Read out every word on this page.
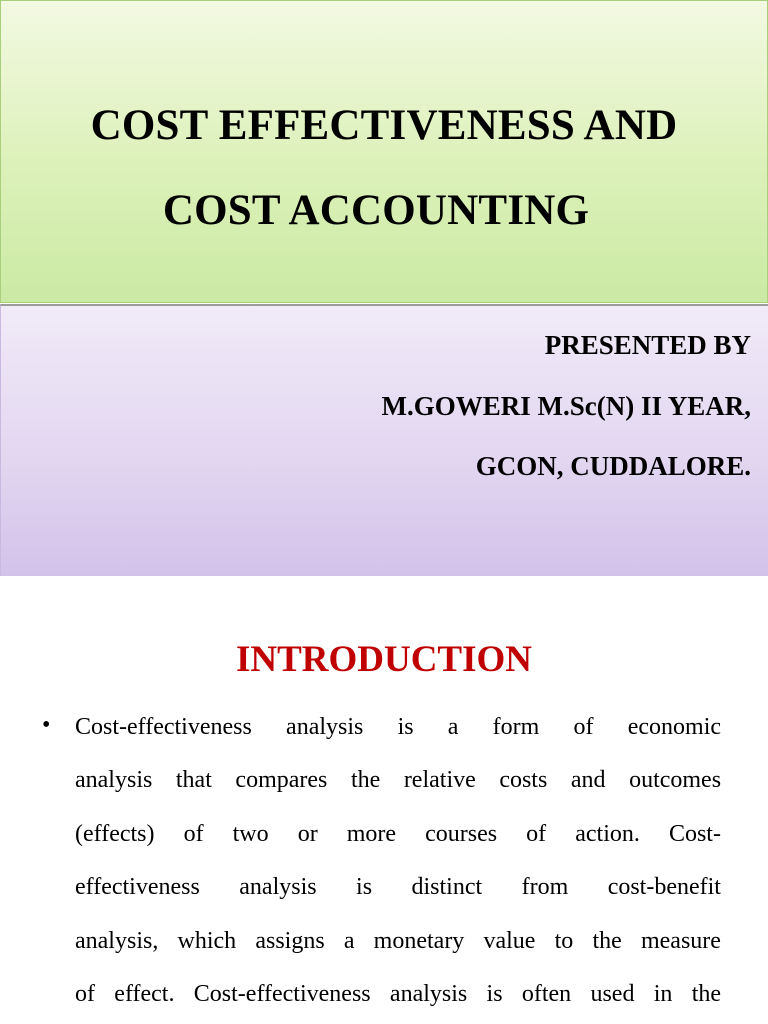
COST EFFECTIVENESS AND
COST ACCOUNTING
PRESENTED BY
M.GOWERI M.Sc(N) II YEAR,
GCON, CUDDALORE.
INTRODUCTION
• Cost-effectiveness analysis is a form of economic
analysis that compares the relative costs and outcomes
(effects) of two or more courses of action. Cost-
effectiveness analysis is distinct from cost-benefit
analysis, which assigns a monetary value to the measure
of effect. Cost-effectiveness analysis is often used in the
